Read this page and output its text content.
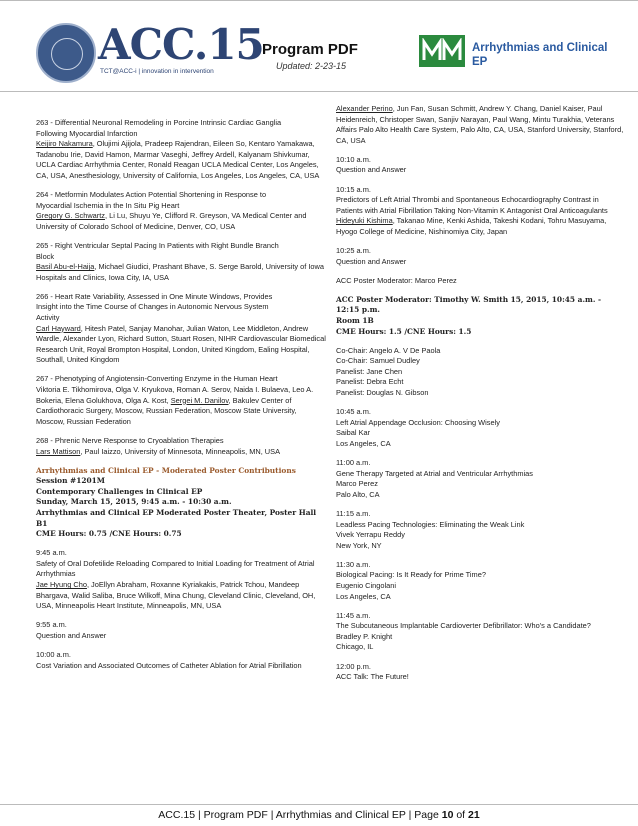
ACC.15
TCT@ACC-i | innovation in intervention
Program PDF
Updated: 2-23-15
Arrhythmias and Clinical EP
263 - Differential Neuronal Remodeling in Porcine Intrinsic Cardiac Ganglia
Following Myocardial Infarction
Keijiro Nakamura, Olujimi Ajijola, Pradeep Rajendran, Eileen So, Kentaro Yamakawa, Tadanobu Irie, David Hamon, Marmar Vaseghi, Jeffrey Ardell, Kalyanam Shivkumar, UCLA Cardiac Arrhythmia Center, Ronald Reagan UCLA Medical Center, Los Angeles, CA, USA, Anesthesiology, University of California, Los Angeles, Los Angeles, CA, USA
264 - Metformin Modulates Action Potential Shortening in Response to
Myocardial Ischemia in the In Situ Pig Heart
Gregory G. Schwartz, Li Lu, Shuyu Ye, Clifford R. Greyson, VA Medical Center and University of Colorado School of Medicine, Denver, CO, USA
265 - Right Ventricular Septal Pacing In Patients with Right Bundle Branch
Block
Basil Abu-el-Haija, Michael Giudici, Prashant Bhave, S. Serge Barold, University of Iowa Hospitals and Clinics, Iowa City, IA, USA
266 - Heart Rate Variability, Assessed in One Minute Windows, Provides
Insight into the Time Course of Changes in Autonomic Nervous System
Activity
Carl Hayward, Hitesh Patel, Sanjay Manohar, Julian Waton, Lee Middleton, Andrew Wardle, Alexander Lyon, Richard Sutton, Stuart Rosen, NIHR Cardiovascular Biomedical Research Unit, Royal Brompton Hospital, London, United Kingdom, Ealing Hospital, Southall, United Kingdom
267 - Phenotyping of Angiotensin-Converting Enzyme in the Human Heart
Viktoria E. Tikhomirova, Olga V. Kryukova, Roman A. Serov, Naida I. Bulaeva, Leo A. Bokeria, Elena Golukhova, Olga A. Kost, Sergei M. Danilov, Bakulev Center of Cardiothoracic Surgery, Moscow, Russian Federation, Moscow State University, Moscow, Russian Federation
268 - Phrenic Nerve Response to Cryoablation Therapies
Lars Mattison, Paul Iaizzo, University of Minnesota, Minneapolis, MN, USA
Arrhythmias and Clinical EP - Moderated Poster Contributions
Session #1201M
Contemporary Challenges in Clinical EP
Sunday, March 15, 2015, 9:45 a.m. - 10:30 a.m.
Arrhythmias and Clinical EP Moderated Poster Theater, Poster Hall B1
CME Hours: 0.75 /CNE Hours: 0.75
9:45 a.m.
Safety of Oral Dofetilide Reloading Compared to Initial Loading for Treatment of Atrial Arrhythmias
Jae Hyung Cho, JoEllyn Abraham, Roxanne Kyriakakis, Patrick Tchou, Mandeep Bhargava, Walid Saliba, Bruce Wilkoff, Mina Chung, Cleveland Clinic, Cleveland, OH, USA, Minneapolis Heart Institute, Minneapolis, MN, USA
9:55 a.m.
Question and Answer
10:00 a.m.
Cost Variation and Associated Outcomes of Catheter Ablation for Atrial Fibrillation
Alexander Perino, Jun Fan, Susan Schmitt, Andrew Y. Chang, Daniel Kaiser, Paul Heidenreich, Christoper Swan, Sanjiv Narayan, Paul Wang, Mintu Turakhia, Veterans Affairs Palo Alto Health Care System, Palo Alto, CA, USA, Stanford University, Stanford, CA, USA
10:10 a.m.
Question and Answer
10:15 a.m.
Predictors of Left Atrial Thrombi and Spontaneous Echocardiography Contrast in Patients with Atrial Fibrillation Taking Non-Vitamin K Antagonist Oral Anticoagulants
Hideyuki Kishima, Takanao Mine, Kenki Ashida, Takeshi Kodani, Tohru Masuyama, Hyogo College of Medicine, Nishinomiya City, Japan
10:25 a.m.
Question and Answer
ACC Poster Moderator: Marco Perez
ACC Poster Moderator: Timothy W. Smith 15, 2015, 10:45 a.m. - 12:15 p.m.
Room 1B
CME Hours: 1.5 /CNE Hours: 1.5
Co-Chair: Angelo A. V De Paola
Co-Chair: Samuel Dudley
Panelist: Jane Chen
Panelist: Debra Echt
Panelist: Douglas N. Gibson
10:45 a.m.
Left Atrial Appendage Occlusion: Choosing Wisely
Saibal Kar
Los Angeles, CA
11:00 a.m.
Gene Therapy Targeted at Atrial and Ventricular Arrhythmias
Marco Perez
Palo Alto, CA
11:15 a.m.
Leadless Pacing Technologies: Eliminating the Weak Link
Vivek Yerrapu Reddy
New York, NY
11:30 a.m.
Biological Pacing: Is It Ready for Prime Time?
Eugenio Cingolani
Los Angeles, CA
11:45 a.m.
The Subcutaneous Implantable Cardioverter Defibrillator: Who's a Candidate?
Bradley P. Knight
Chicago, IL
12:00 p.m.
ACC Talk: The Future!
ACC.15 | Program PDF | Arrhythmias and Clinical EP | Page 10 of 21
